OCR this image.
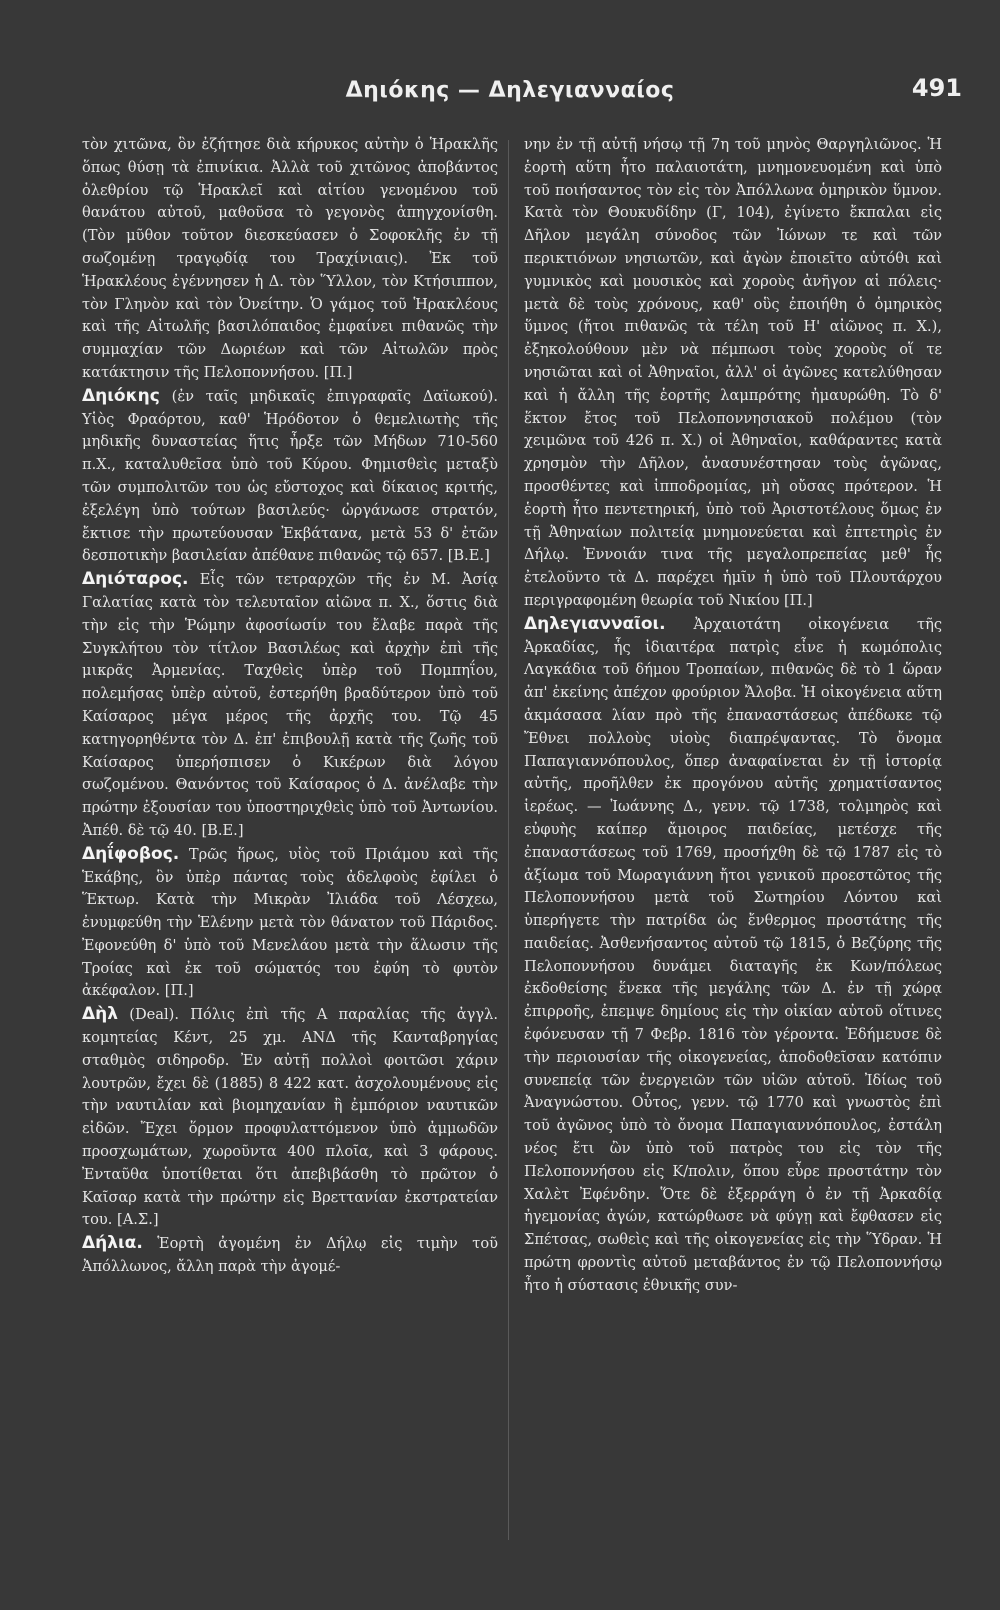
Δηιόκης — Δηλεγιανναίος	491

τὸν χιτῶνα, ὃν ἐζήτησε διὰ κήρυκος αὐτὴν ὁ Ἡρακλῆς ὅπως θύσῃ τὰ ἐπινίκια. Ἀλλὰ τοῦ χιτῶνος ἀποβάντος ὀλεθρίου τῷ Ἡρακλεῖ καὶ αἰτίου γενομένου τοῦ θανάτου αὐτοῦ, μαθοῦσα τὸ γεγονὸς ἀπηγχονίσθη. (Τὸν μῦθον τοῦτον διεσκεύασεν ὁ Σοφοκλῆς ἐν τῇ σωζομένῃ τραγῳδίᾳ του Τραχίνιαις). Ἐκ τοῦ Ἡρακλέους ἐγέννησεν ἡ Δ. τὸν Ὕλλον, τὸν Κτήσιππον, τὸν Γληνὸν καὶ τὸν Ὀνείτην. Ὁ γάμος τοῦ Ἡρακλέους καὶ τῆς Αἰτωλῆς βασιλόπαιδος ἐμφαίνει πιθανῶς τὴν συμμαχίαν τῶν Δωριέων καὶ τῶν Αἰτωλῶν πρὸς κατάκτησιν τῆς Πελοποννήσου. [Π.]

Δηιόκης (ἐν ταῖς μηδικαῖς ἐπιγραφαῖς Δαϊωκού). Υἱὸς Φραόρτου, καθ' Ἡρόδοτον ὁ θεμελιωτὴς τῆς μηδικῆς δυναστείας ἥτις ἦρξε τῶν Μήδων 710-560 π.Χ., καταλυθεῖσα ὑπὸ τοῦ Κύρου. Φημισθεὶς μεταξὺ τῶν συμπολιτῶν του ὡς εὔστοχος καὶ δίκαιος κριτής, ἐξελέγη ὑπὸ τούτων βασιλεύς· ὠργάνωσε στρατόν, ἔκτισε τὴν πρωτεύουσαν Ἐκβάτανα, μετὰ 53 δ' ἐτῶν δεσποτικὴν βασιλείαν ἀπέθανε πιθανῶς τῷ 657. [Β.Ε.]

Δηιόταρος. Εἷς τῶν τετραρχῶν τῆς ἐν Μ. Ἀσίᾳ Γαλατίας κατὰ τὸν τελευταῖον αἰῶνα π. Χ., ὅστις διὰ τὴν εἰς τὴν Ῥώμην ἀφοσίωσίν του ἔλαβε παρὰ τῆς Συγκλήτου τὸν τίτλον Βασιλέως καὶ ἀρχὴν ἐπὶ τῆς μικρᾶς Ἀρμενίας. Ταχθεὶς ὑπὲρ τοῦ Πομπηΐου, πολεμήσας ὑπὲρ αὐτοῦ, ἐστερήθη βραδύτερον ὑπὸ τοῦ Καίσαρος μέγα μέρος τῆς ἀρχῆς του. Τῷ 45 κατηγορηθέντα τὸν Δ. ἐπ' ἐπιβουλῇ κατὰ τῆς ζωῆς τοῦ Καίσαρος ὑπερήσπισεν ὁ Κικέρων διὰ λόγου σωζομένου. Θανόντος τοῦ Καίσαρος ὁ Δ. ἀνέλαβε τὴν πρώτην ἐξουσίαν του ὑποστηριχθεὶς ὑπὸ τοῦ Ἀντωνίου. Ἀπέθ. δὲ τῷ 40. [Β.Ε.]

Δηΐφοβος. Τρῶς ἥρως, υἱὸς τοῦ Πριάμου καὶ τῆς Ἑκάβης, ὃν ὑπὲρ πάντας τοὺς ἀδελφοὺς ἐφίλει ὁ Ἕκτωρ. Κατὰ τὴν Μικρὰν Ἰλιάδα τοῦ Λέσχεω, ἐνυμφεύθη τὴν Ἑλένην μετὰ τὸν θάνατον τοῦ Πάριδος. Ἐφονεύθη δ' ὑπὸ τοῦ Μενελάου μετὰ τὴν ἅλωσιν τῆς Τροίας καὶ ἐκ τοῦ σώματός του ἐφύη τὸ φυτὸν ἀκέφαλον. [Π.]

Δὴλ (Deal). Πόλις ἐπὶ τῆς Α παραλίας τῆς ἀγγλ. κομητείας Κέντ, 25 χμ. ΑΝΔ τῆς Κανταβρηγίας σταθμὸς σιδηροδρ. Ἐν αὐτῇ πολλοὶ φοιτῶσι χάριν λουτρῶν, ἔχει δὲ (1885) 8 422 κατ. ἀσχολουμένους εἰς τὴν ναυτιλίαν καὶ βιομηχανίαν ἢ ἐμπόριον ναυτικῶν εἰδῶν. Ἔχει ὅρμον προφυλαττόμενον ὑπὸ ἀμμωδῶν προσχωμάτων, χωροῦντα 400 πλοῖα, καὶ 3 φάρους. Ἐνταῦθα ὑποτίθεται ὅτι ἀπεβιβάσθη τὸ πρῶτον ὁ Καῖσαρ κατὰ τὴν πρώτην εἰς Βρεττανίαν ἐκστρατείαν του. [Α.Σ.]

Δήλια. Ἑορτὴ ἀγομένη ἐν Δήλῳ εἰς τιμὴν τοῦ Ἀπόλλωνος, ἄλλη παρὰ τὴν ἀγομέ-

νην ἐν τῇ αὐτῇ νήσῳ τῇ 7η τοῦ μηνὸς Θαργηλιῶνος. Ἡ ἑορτὴ αὕτη ἦτο παλαιοτάτη, μνημονευομένη καὶ ὑπὸ τοῦ ποιήσαντος τὸν εἰς τὸν Ἀπόλλωνα ὁμηρικὸν ὕμνον. Κατὰ τὸν Θουκυδίδην (Γ, 104), ἐγίνετο ἔκπαλαι εἰς Δῆλον μεγάλη σύνοδος τῶν Ἰώνων τε καὶ τῶν περικτιόνων νησιωτῶν, καὶ ἀγὼν ἐποιεῖτο αὐτόθι καὶ γυμνικὸς καὶ μουσικὸς καὶ χοροὺς ἀνῆγον αἱ πόλεις· μετὰ δὲ τοὺς χρόνους, καθ' οὓς ἐποιήθη ὁ ὁμηρικὸς ὕμνος (ἤτοι πιθανῶς τὰ τέλη τοῦ Η' αἰῶνος π. Χ.), ἐξηκολούθουν μὲν νὰ πέμπωσι τοὺς χοροὺς οἵ τε νησιῶται καὶ οἱ Ἀθηναῖοι, ἀλλ' οἱ ἀγῶνες κατελύθησαν καὶ ἡ ἄλλη τῆς ἑορτῆς λαμπρότης ἠμαυρώθη. Τὸ δ' ἕκτον ἔτος τοῦ Πελοποννησιακοῦ πολέμου (τὸν χειμῶνα τοῦ 426 π. Χ.) οἱ Ἀθηναῖοι, καθάραντες κατὰ χρησμὸν τὴν Δῆλον, ἀνασυνέστησαν τοὺς ἀγῶνας, προσθέντες καὶ ἱπποδρομίας, μὴ οὔσας πρότερον. Ἡ ἑορτὴ ἦτο πεντετηρική, ὑπὸ τοῦ Ἀριστοτέλους ὅμως ἐν τῇ Ἀθηναίων πολιτείᾳ μνημονεύεται καὶ ἐπτετηρὶς ἐν Δήλῳ. Ἐννοιάν τινα τῆς μεγαλοπρεπείας μεθ' ἧς ἐτελοῦντο τὰ Δ. παρέχει ἡμῖν ἡ ὑπὸ τοῦ Πλουτάρχου περιγραφομένη θεωρία τοῦ Νικίου [Π.]

Δηλεγιανναῖοι. Ἀρχαιοτάτη οἰκογένεια τῆς Ἀρκαδίας, ἧς ἰδιαιτέρα πατρὶς εἶνε ἡ κωμόπολις Λαγκάδια τοῦ δήμου Τροπαίων, πιθανῶς δὲ τὸ 1 ὥραν ἀπ' ἐκείνης ἀπέχον φρούριον Ἄλοβα. Ἡ οἰκογένεια αὕτη ἀκμάσασα λίαν πρὸ τῆς ἐπαναστάσεως ἀπέδωκε τῷ Ἔθνει πολλοὺς υἱοὺς διαπρέψαντας. Τὸ ὄνομα Παπαγιαννόπουλος, ὅπερ ἀναφαίνεται ἐν τῇ ἱστορίᾳ αὐτῆς, προῆλθεν ἐκ προγόνου αὐτῆς χρηματίσαντος ἱερέως. — Ἰωάννης Δ., γενν. τῷ 1738, τολμηρὸς καὶ εὐφυὴς καίπερ ἄμοιρος παιδείας, μετέσχε τῆς ἐπαναστάσεως τοῦ 1769, προσήχθη δὲ τῷ 1787 εἰς τὸ ἀξίωμα τοῦ Μωραγιάννη ἤτοι γενικοῦ προεστῶτος τῆς Πελοποννήσου μετὰ τοῦ Σωτηρίου Λόντου καὶ ὑπερήγετε τὴν πατρίδα ὡς ἔνθερμος προστάτης τῆς παιδείας. Ἀσθενήσαντος αὐτοῦ τῷ 1815, ὁ Βεζύρης τῆς Πελοποννήσου δυνάμει διαταγῆς ἐκ Κων/πόλεως ἐκδοθείσης ἕνεκα τῆς μεγάλης τῶν Δ. ἐν τῇ χώρᾳ ἐπιρροῆς, ἐπεμψε δημίους εἰς τὴν οἰκίαν αὐτοῦ οἵτινες ἐφόνευσαν τῇ 7 Φεβρ. 1816 τὸν γέροντα. Ἐδήμευσε δὲ τὴν περιουσίαν τῆς οἰκογενείας, ἀποδοθεῖσαν κατόπιν συνεπείᾳ τῶν ἐνεργειῶν τῶν υἱῶν αὐτοῦ. Ἰδίως τοῦ Ἀναγνώστου. Οὗτος, γενν. τῷ 1770 καὶ γνωστὸς ἐπὶ τοῦ ἀγῶνος ὑπὸ τὸ ὄνομα Παπαγιαννόπουλος, ἐστάλη νέος ἔτι ὢν ὑπὸ τοῦ πατρὸς του εἰς τὸν τῆς Πελοποννήσου εἰς Κ/πολιν, ὅπου εὗρε προστάτην τὸν Χαλὲτ Ἐφένδην. Ὅτε δὲ ἐξερράγη ὁ ἐν τῇ Ἀρκαδίᾳ ἠγεμονίας ἀγών, κατώρθωσε νὰ φύγῃ καὶ ἔφθασεν εἰς Σπέτσας, σωθεὶς καὶ τῆς οἰκογενείας εἰς τὴν Ὕδραν. Ἡ πρώτη φροντὶς αὐτοῦ μεταβάντος ἐν τῷ Πελοποννήσῳ ἦτο ἡ σύστασις ἐθνικῆς συν-
